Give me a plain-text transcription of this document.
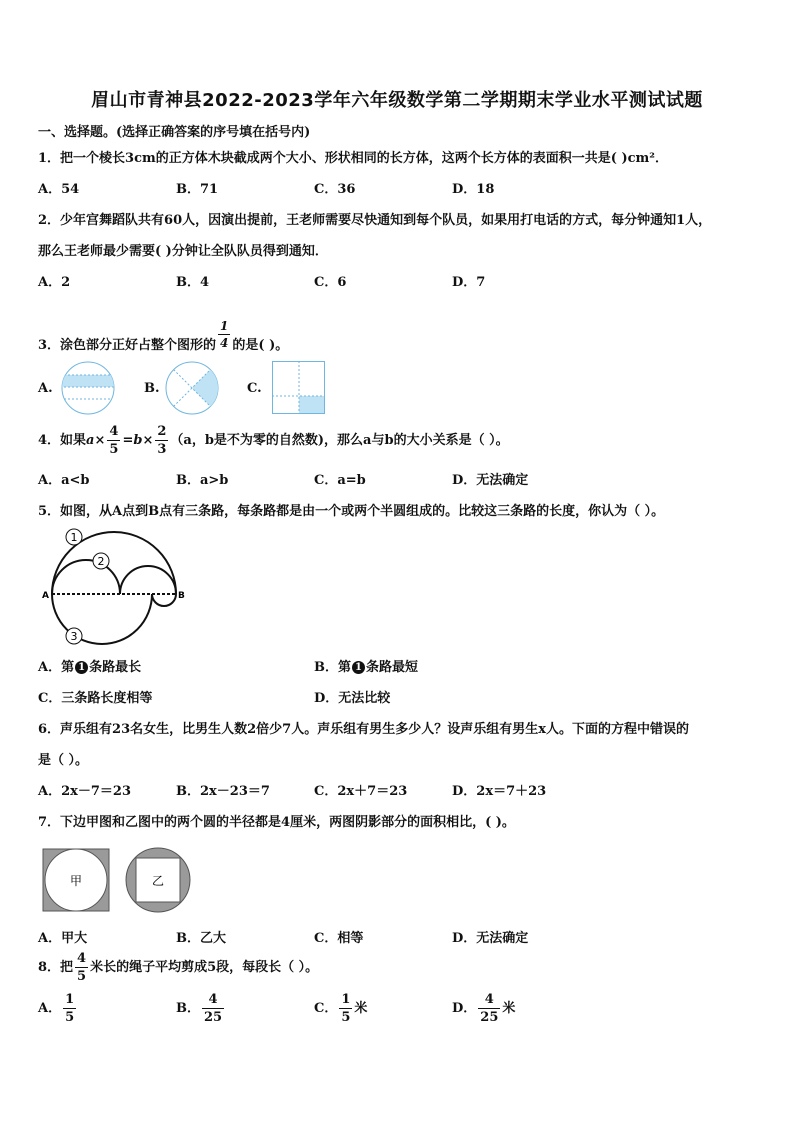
眉山市青神县2022-2023学年六年级数学第二学期期末学业水平测试试题
一、选择题。(选择正确答案的序号填在括号内)
1．把一个棱长3cm的正方体木块截成两个大小、形状相同的长方体，这两个长方体的表面积一共是( )cm²．
A．54	B．71	C．36	D．18
2．少年宫舞蹈队共有60人，因演出提前，王老师需要尽快通知到每个队员，如果用打电话的方式，每分钟通知1人，
那么王老师最少需要( )分钟让全队队员得到通知．
A．2	B．4	C．6	D．7
3．涂色部分正好占整个图形的 $\frac{1}{4}$ 的是( )。
A.	B.	C.
4．如果$a\times \frac{4}{5} =b\times \frac{2}{3} (a$，b是不为零的自然数)，那么a与b的大小关系是（ ）。
A．a<b	B．a>b	C．a=b	D．无法确定
5．如图，从A点到B点有三条路，每条路都是由一个或两个半圆组成的。比较这三条路的长度，你认为（ ）。
1
2
3
A	B
A．第 1 条路最长	B．第 1 条路最短
C．三条路长度相等	D．无法比较
6．声乐组有23名女生，比男生人数2倍少7人。声乐组有男生多少人？设声乐组有男生x人。下面的方程中错误的
是（ ）。
A．2x－7＝23	B．2x－23＝7	C．2x＋7＝23	D．2x＝7＋23
7．下边甲图和乙图中的两个圆的半径都是4厘米，两图阴影部分的面积相比，( )。
甲	乙
A．甲大	B．乙大	C．相等	D．无法确定
8．把 $\frac{4}{5}$ 米长的绳子平均剪成5段，每段长（ ）。
A． $\frac{1}{5}$	B． $\frac{4}{25}$	C． $\frac{1}{5}$ 米	D． $\frac{4}{25}$ 米
